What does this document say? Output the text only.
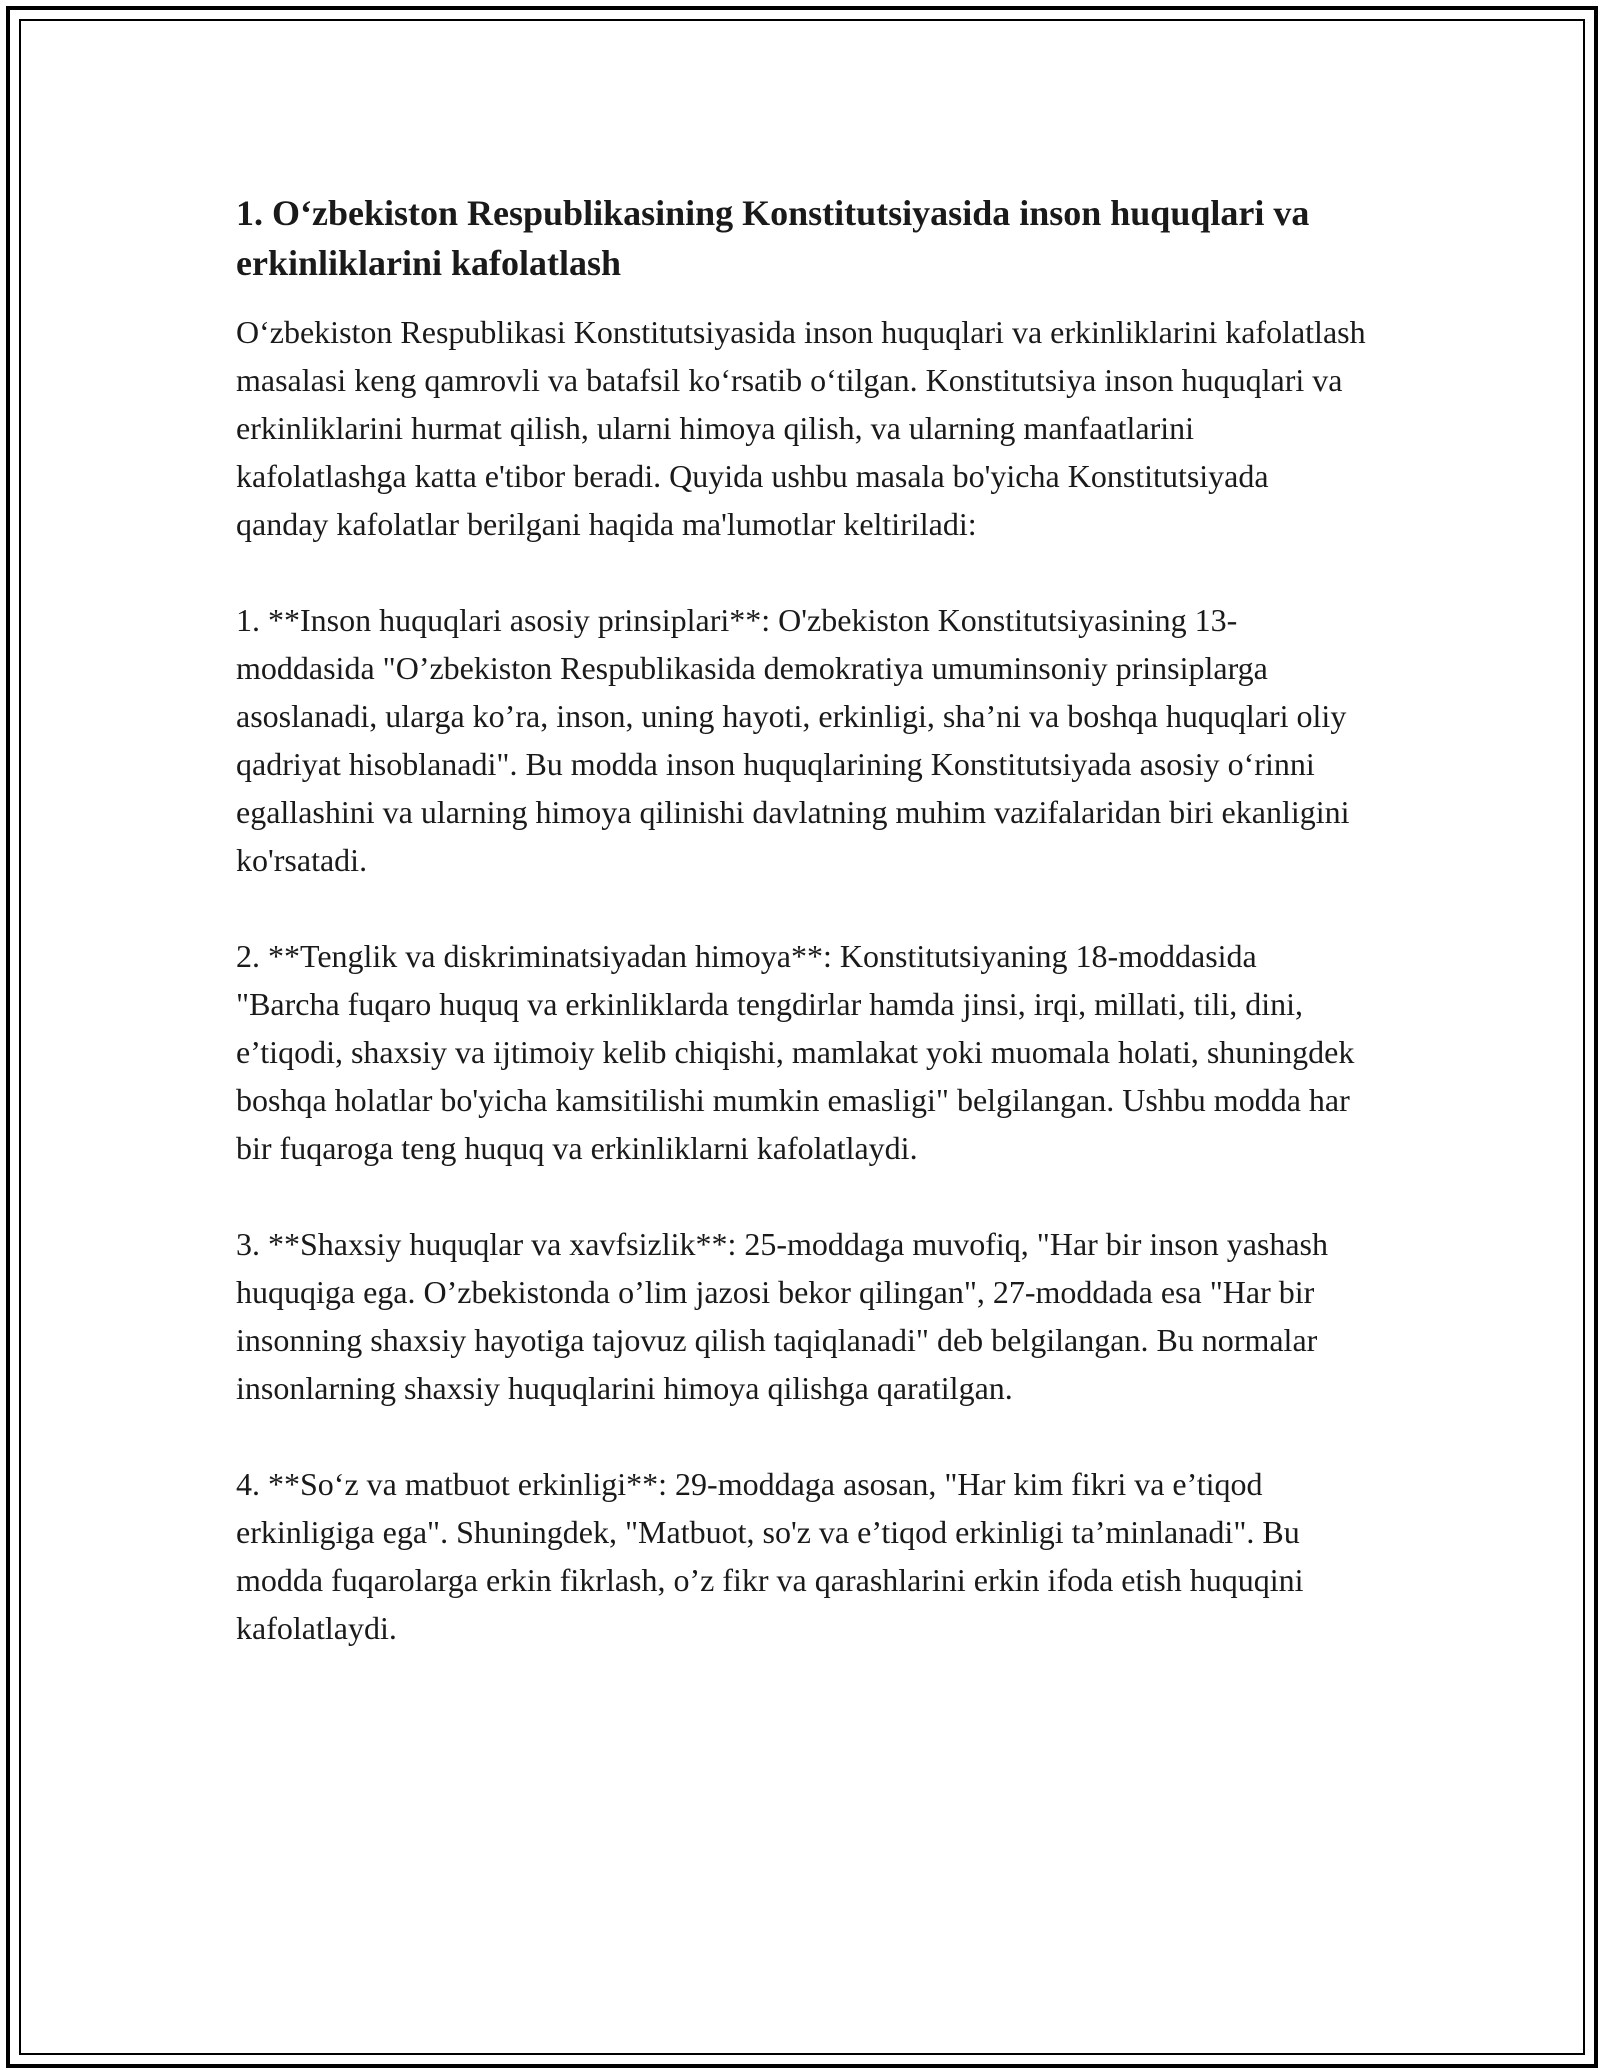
1. O‘zbekiston Respublikasining Konstitutsiyasida inson huquqlari va erkinliklarini kafolatlash

O‘zbekiston Respublikasi Konstitutsiyasida inson huquqlari va erkinliklarini kafolatlash masalasi keng qamrovli va batafsil ko‘rsatib o‘tilgan. Konstitutsiya inson huquqlari va erkinliklarini hurmat qilish, ularni himoya qilish, va ularning manfaatlarini kafolatlashga katta e'tibor beradi. Quyida ushbu masala bo'yicha Konstitutsiyada qanday kafolatlar berilgani haqida ma'lumotlar keltiriladi:

1. **Inson huquqlari asosiy prinsiplari**: O'zbekiston Konstitutsiyasining 13-moddasida "O’zbekiston Respublikasida demokratiya umuminsoniy prinsiplarga asoslanadi, ularga ko’ra, inson, uning hayoti, erkinligi, sha’ni va boshqa huquqlari oliy qadriyat hisoblanadi". Bu modda inson huquqlarining Konstitutsiyada asosiy o‘rinni egallashini va ularning himoya qilinishi davlatning muhim vazifalaridan biri ekanligini ko'rsatadi.

2. **Tenglik va diskriminatsiyadan himoya**: Konstitutsiyaning 18-moddasida "Barcha fuqaro huquq va erkinliklarda tengdirlar hamda jinsi, irqi, millati, tili, dini, e’tiqodi, shaxsiy va ijtimoiy kelib chiqishi, mamlakat yoki muomala holati, shuningdek boshqa holatlar bo'yicha kamsitilishi mumkin emasligi" belgilangan. Ushbu modda har bir fuqaroga teng huquq va erkinliklarni kafolatlaydi.

3. **Shaxsiy huquqlar va xavfsizlik**: 25-moddaga muvofiq, "Har bir inson yashash huquqiga ega. O’zbekistonda o’lim jazosi bekor qilingan", 27-moddada esa "Har bir insonning shaxsiy hayotiga tajovuz qilish taqiqlanadi" deb belgilangan. Bu normalar insonlarning shaxsiy huquqlarini himoya qilishga qaratilgan.

4. **So‘z va matbuot erkinligi**: 29-moddaga asosan, "Har kim fikri va e’tiqod erkinligiga ega". Shuningdek, "Matbuot, so'z va e’tiqod erkinligi ta’minlanadi". Bu modda fuqarolarga erkin fikrlash, o’z fikr va qarashlarini erkin ifoda etish huquqini kafolatlaydi.
